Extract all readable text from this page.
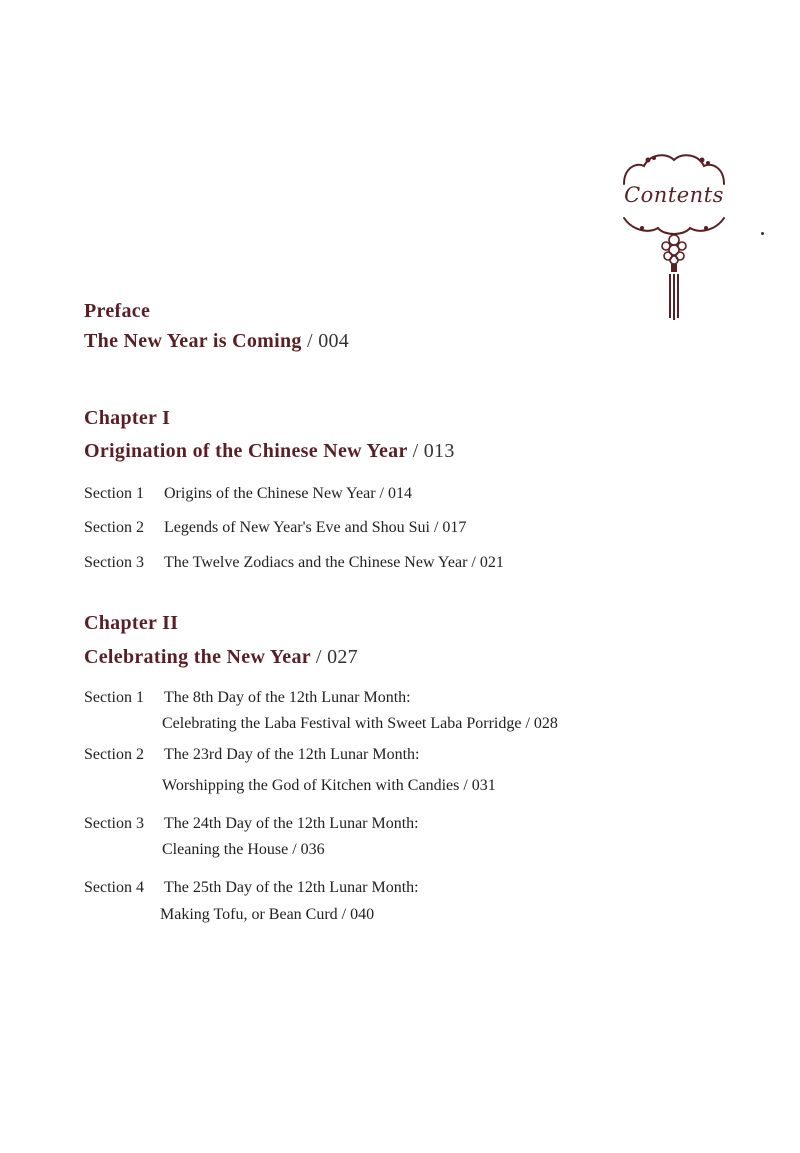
Contents
Preface
The New Year is Coming / 004
Chapter I
Origination of the Chinese New Year / 013
Section 1 Origins of the Chinese New Year / 014
Section 2 Legends of New Year's Eve and Shou Sui / 017
Section 3 The Twelve Zodiacs and the Chinese New Year / 021
Chapter II
Celebrating the New Year / 027
Section 1 The 8th Day of the 12th Lunar Month:
Celebrating the Laba Festival with Sweet Laba Porridge / 028
Section 2 The 23rd Day of the 12th Lunar Month:
Worshipping the God of Kitchen with Candies / 031
Section 3 The 24th Day of the 12th Lunar Month:
Cleaning the House / 036
Section 4 The 25th Day of the 12th Lunar Month:
Making Tofu, or Bean Curd / 040
